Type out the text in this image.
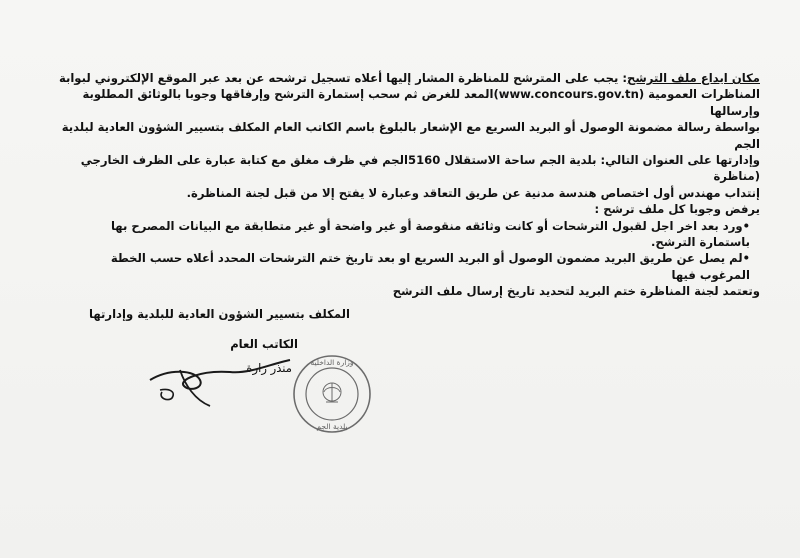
مكان ايداع ملف الترشح: يجب على المترشح للمناظرة المشار إليها أعلاه تسجيل ترشحه عن بعد عبر الموقع الإلكتروني لبوابة

المناظرات العمومية (www.concours.gov.tn)المعد للغرض ثم سحب إستمارة الترشح وإرفاقها وجوبا بالوثائق المطلوبة وإرسالها

بواسطة رسالة مضمونة الوصول أو البريد السريع مع الإشعار بالبلوغ باسم الكاتب العام المكلف بتسيير الشؤون العادية لبلدية الجم

وإدارتها على العنوان التالي: بلدية الجم ساحة الاستقلال 5160الجم في ظرف مغلق مع كتابة عبارة على الظرف الخارجي (مناظرة

إنتداب مهندس أول اختصاص هندسة مدنية عن طريق التعاقد وعبارة لا يفتح إلا من قبل لجنة المناظرة.

يرفض وجوبا كل ملف ترشح :

•ورد بعد اخر اجل لقبول الترشحات أو كانت وثائقه منقوصة أو غير واضحة أو غير متطابقة مع البيانات المصرح بها باستمارة الترشح.
•لم يصل عن طريق البريد مضمون الوصول أو البريد السريع او بعد تاريخ ختم الترشحات المحدد أعلاه حسب الخطة المرغوب فيها
وتعتمد لجنة المناظرة ختم البريد لتحديد تاريخ إرسال ملف الترشح
المكلف بتسيير الشؤون العادية للبلدية وإدارتها
الكاتب العام
منذر زارة وزارة الداخلية
بلدية الجم
